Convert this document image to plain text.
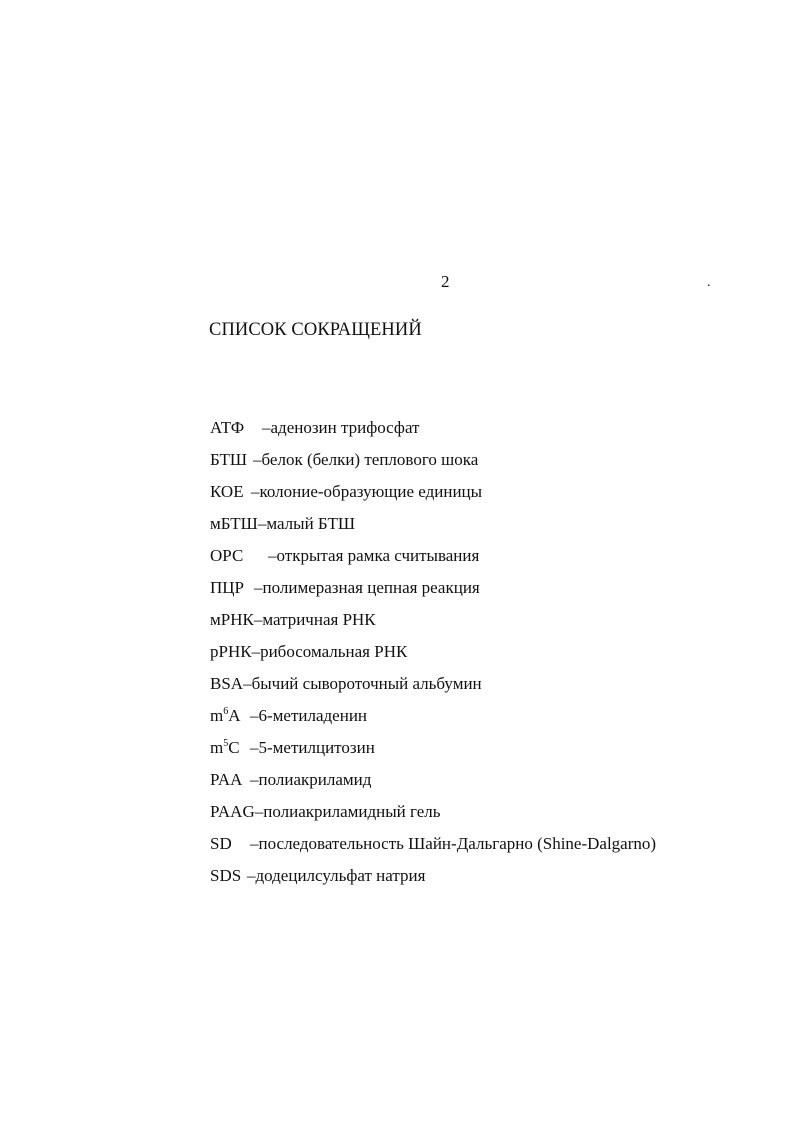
2	.
СПИСОК СОКРАЩЕНИЙ
АТФ–аденозин трифосфат
БТШ–белок (белки) теплового шока
КОЕ–колоние-образующие единицы
мБТШ–малый БТШ
ОРС–открытая рамка считывания
ПЦР–полимеразная цепная реакция
мРНК–матричная РНК
рРНК–рибосомальная РНК
BSA–бычий сывороточный альбумин
$m^6A-6$-метиладенин
$m^5C-5$-метилцитозин
PAA–полиакриламид
PAAG–полиакриламидный гель
SD–последовательность Шайн-Дальгарно (Shine-Dalgarno)
SDS–додецилсульфат натрия
